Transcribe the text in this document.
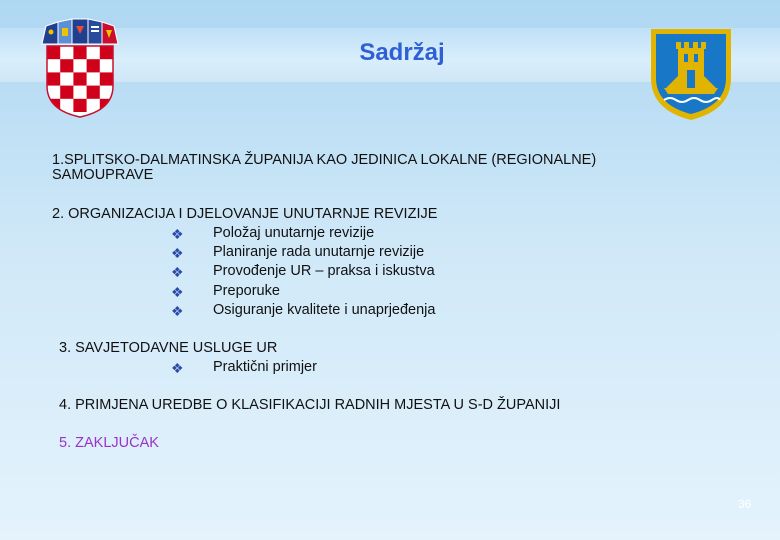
Sadržaj
1.SPLITSKO-DALMATINSKA ŽUPANIJA KAO JEDINICA LOKALNE (REGIONALNE)
SAMOUPRAVE
2. ORGANIZACIJA I DJELOVANJE UNUTARNJE REVIZIJE
❖ Položaj unutarnje revizije
❖ Planiranje rada unutarnje revizije
❖ Provođenje UR – praksa i iskustva
❖ Preporuke
❖ Osiguranje kvalitete i unaprjeđenja
3. SAVJETODAVNE USLUGE UR
❖ Praktični primjer
4. PRIMJENA UREDBE O KLASIFIKACIJI RADNIH MJESTA U S-D ŽUPANIJI
5. ZAKLJUČAK
36
